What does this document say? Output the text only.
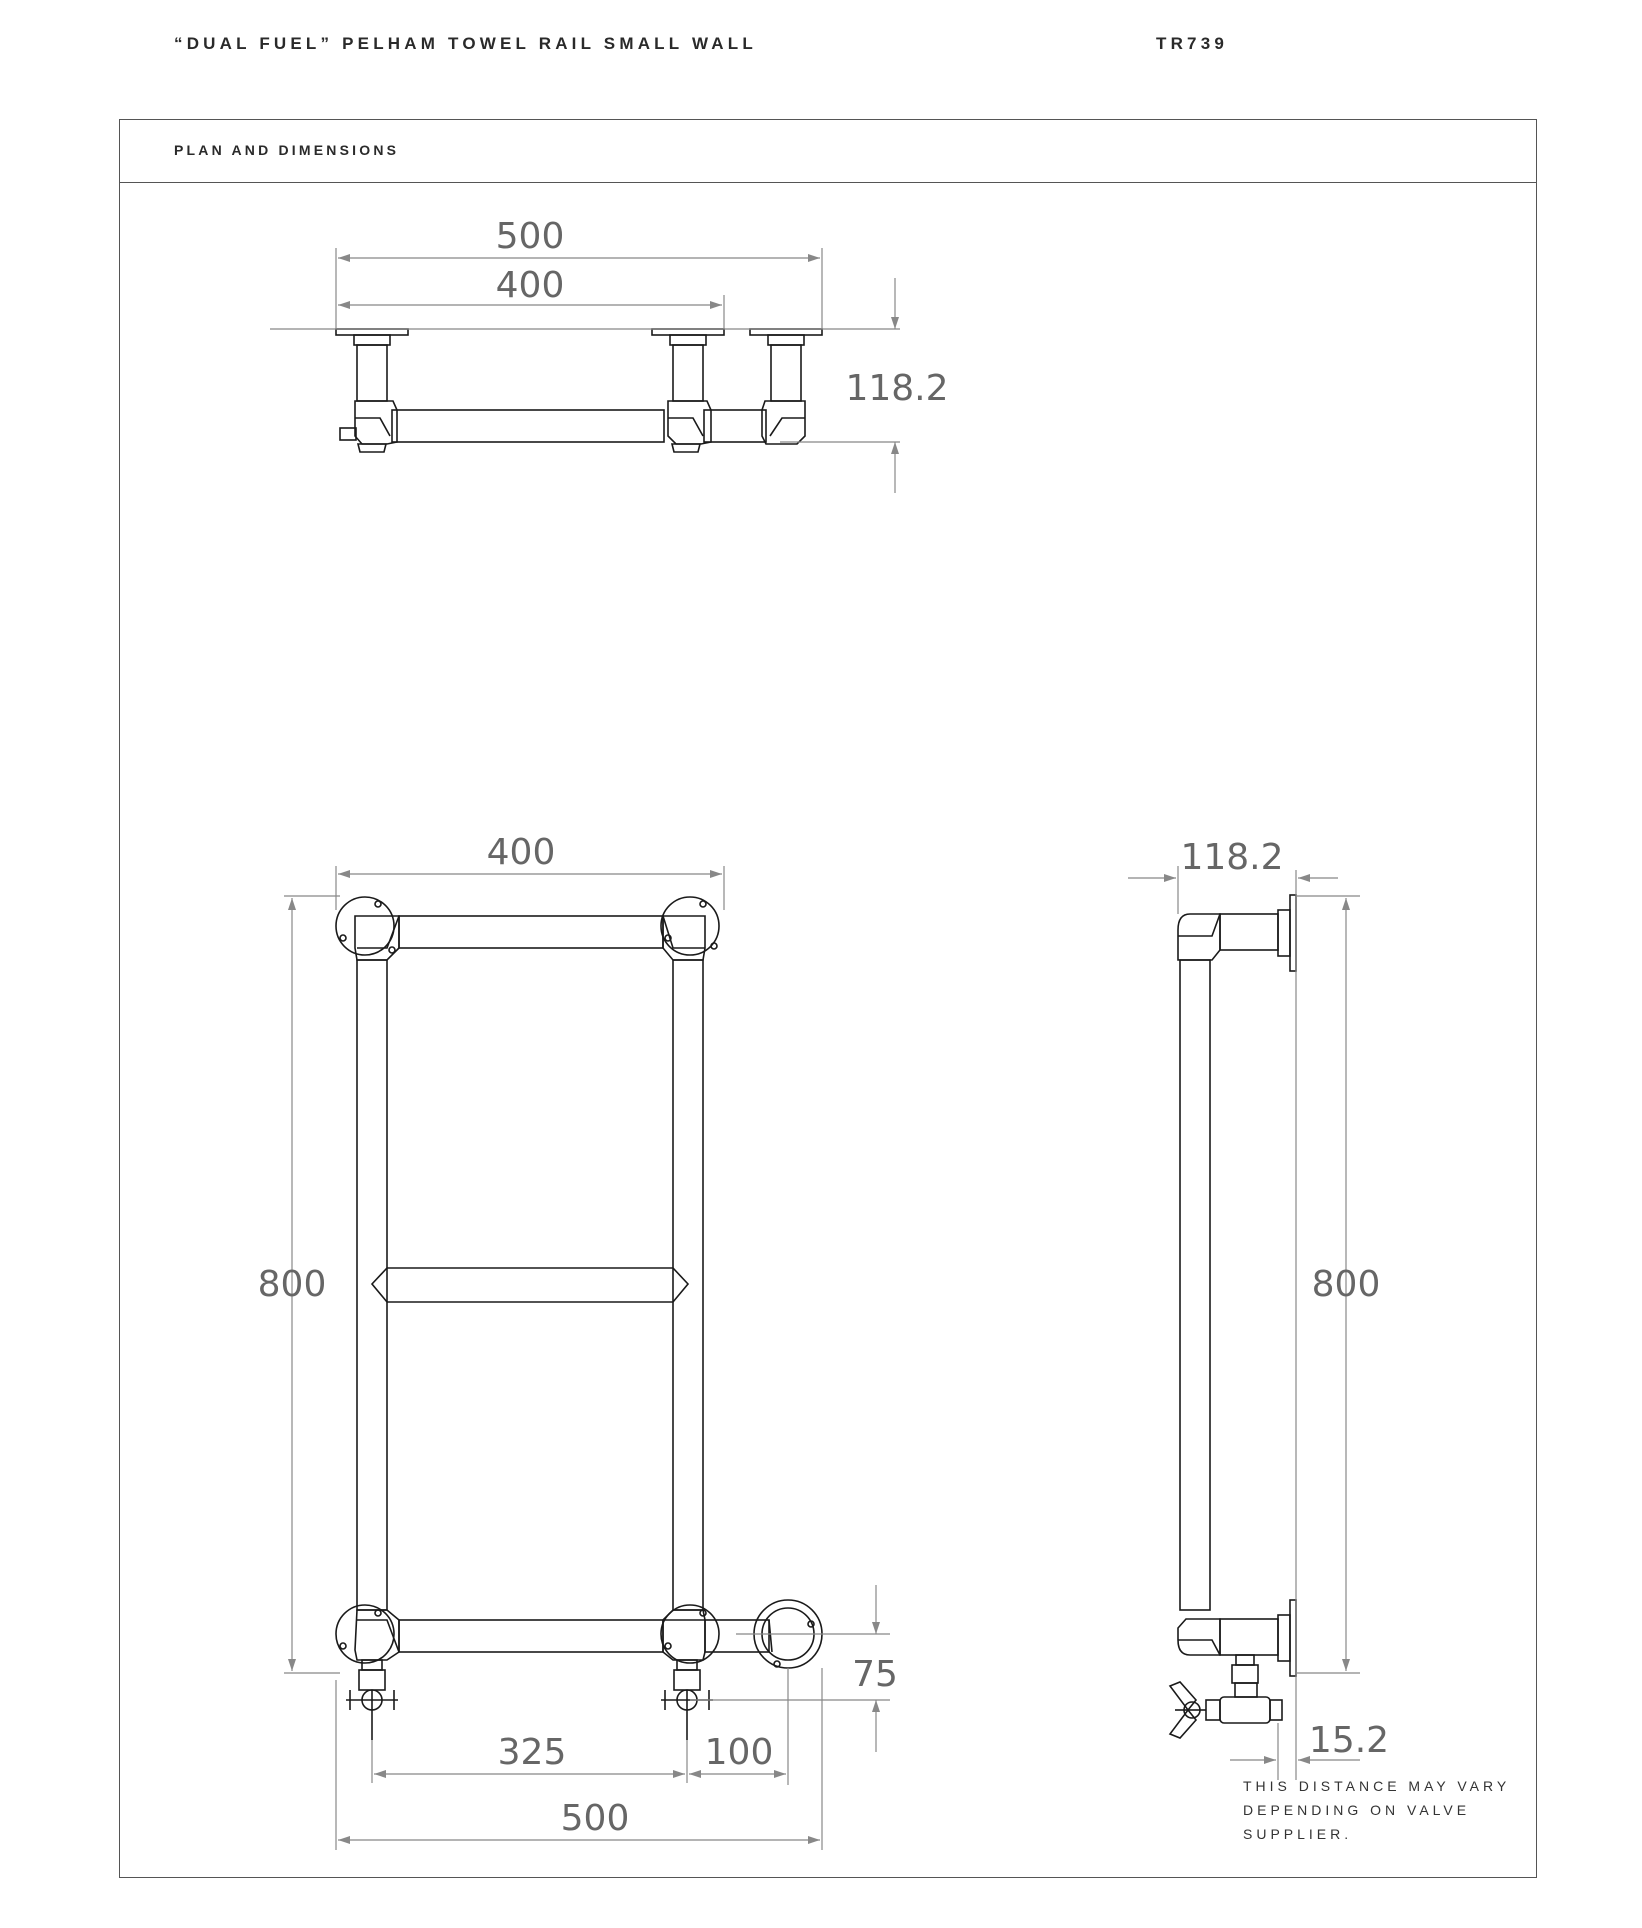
“DUAL FUEL” PELHAM TOWEL RAIL SMALL WALL	TR739
PLAN AND DIMENSIONS
500
400
118.2
400
800
75
325	100
500
118.2
800
15.2
THIS DISTANCE MAY VARY DEPENDING ON VALVE SUPPLIER.
